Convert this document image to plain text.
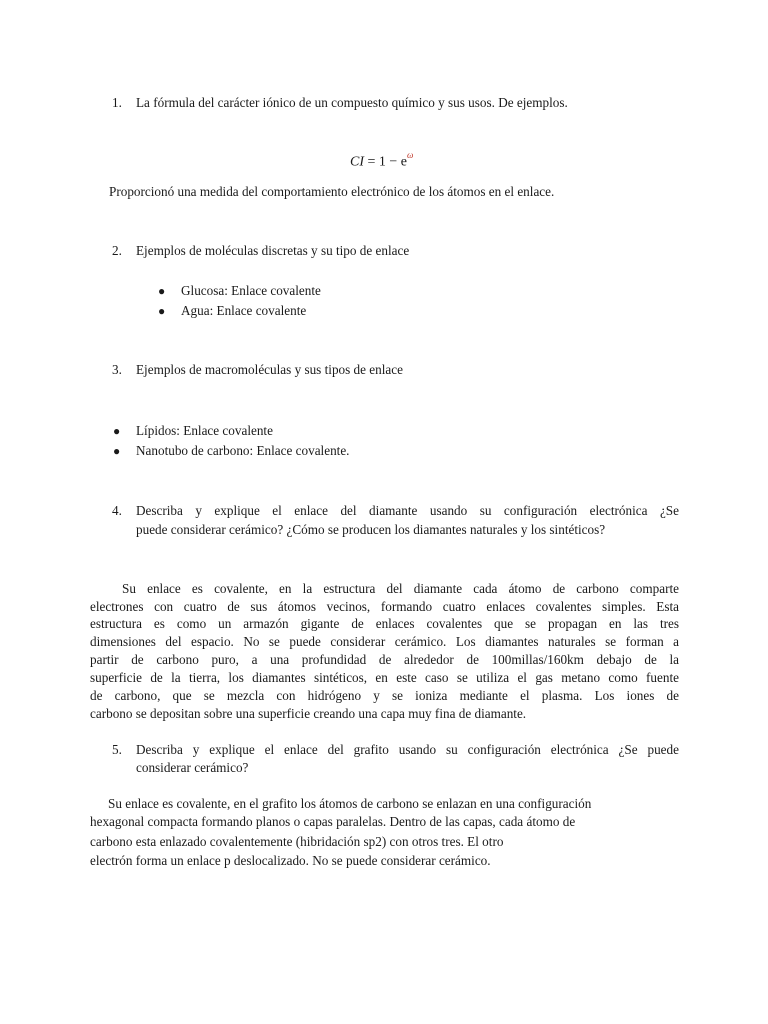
1. La fórmula del carácter iónico de un compuesto químico y sus usos. De ejemplos.
CI = $1 - e^\omega$
Proporcionó una medida del comportamiento electrónico de los átomos en el enlace.
2. Ejemplos de moléculas discretas y su tipo de enlace
● Glucosa: Enlace covalente
● Agua: Enlace covalente
3. Ejemplos de macromoléculas y sus tipos de enlace
● Lípidos: Enlace covalente
● Nanotubo de carbono: Enlace covalente.
4. Describa y explique el enlace del diamante usando su configuración electrónica ¿Se
puede considerar cerámico? ¿Cómo se producen los diamantes naturales y los sintéticos?
Su enlace es covalente, en la estructura del diamante cada átomo de carbono comparte
electrones con cuatro de sus átomos vecinos, formando cuatro enlaces covalentes simples. Esta
estructura es como un armazón gigante de enlaces covalentes que se propagan en las tres
dimensiones del espacio. No se puede considerar cerámico. Los diamantes naturales se forman a
partir de carbono puro, a una profundidad de alrededor de 100millas/160km debajo de la
superficie de la tierra, los diamantes sintéticos, en este caso se utiliza el gas metano como fuente
de carbono, que se mezcla con hidrógeno y se ioniza mediante el plasma. Los iones de
carbono se depositan sobre una superficie creando una capa muy fina de diamante.
5. Describa y explique el enlace del grafito usando su configuración electrónica ¿Se puede
considerar cerámico?
Su enlace es covalente, en el grafito los átomos de carbono se enlazan en una configuración
hexagonal compacta formando planos o capas paralelas. Dentro de las capas, cada átomo de
carbono esta enlazado covalentemente (hibridación sp2) con otros tres. El otro
electrón forma un enlace p deslocalizado. No se puede considerar cerámico.
